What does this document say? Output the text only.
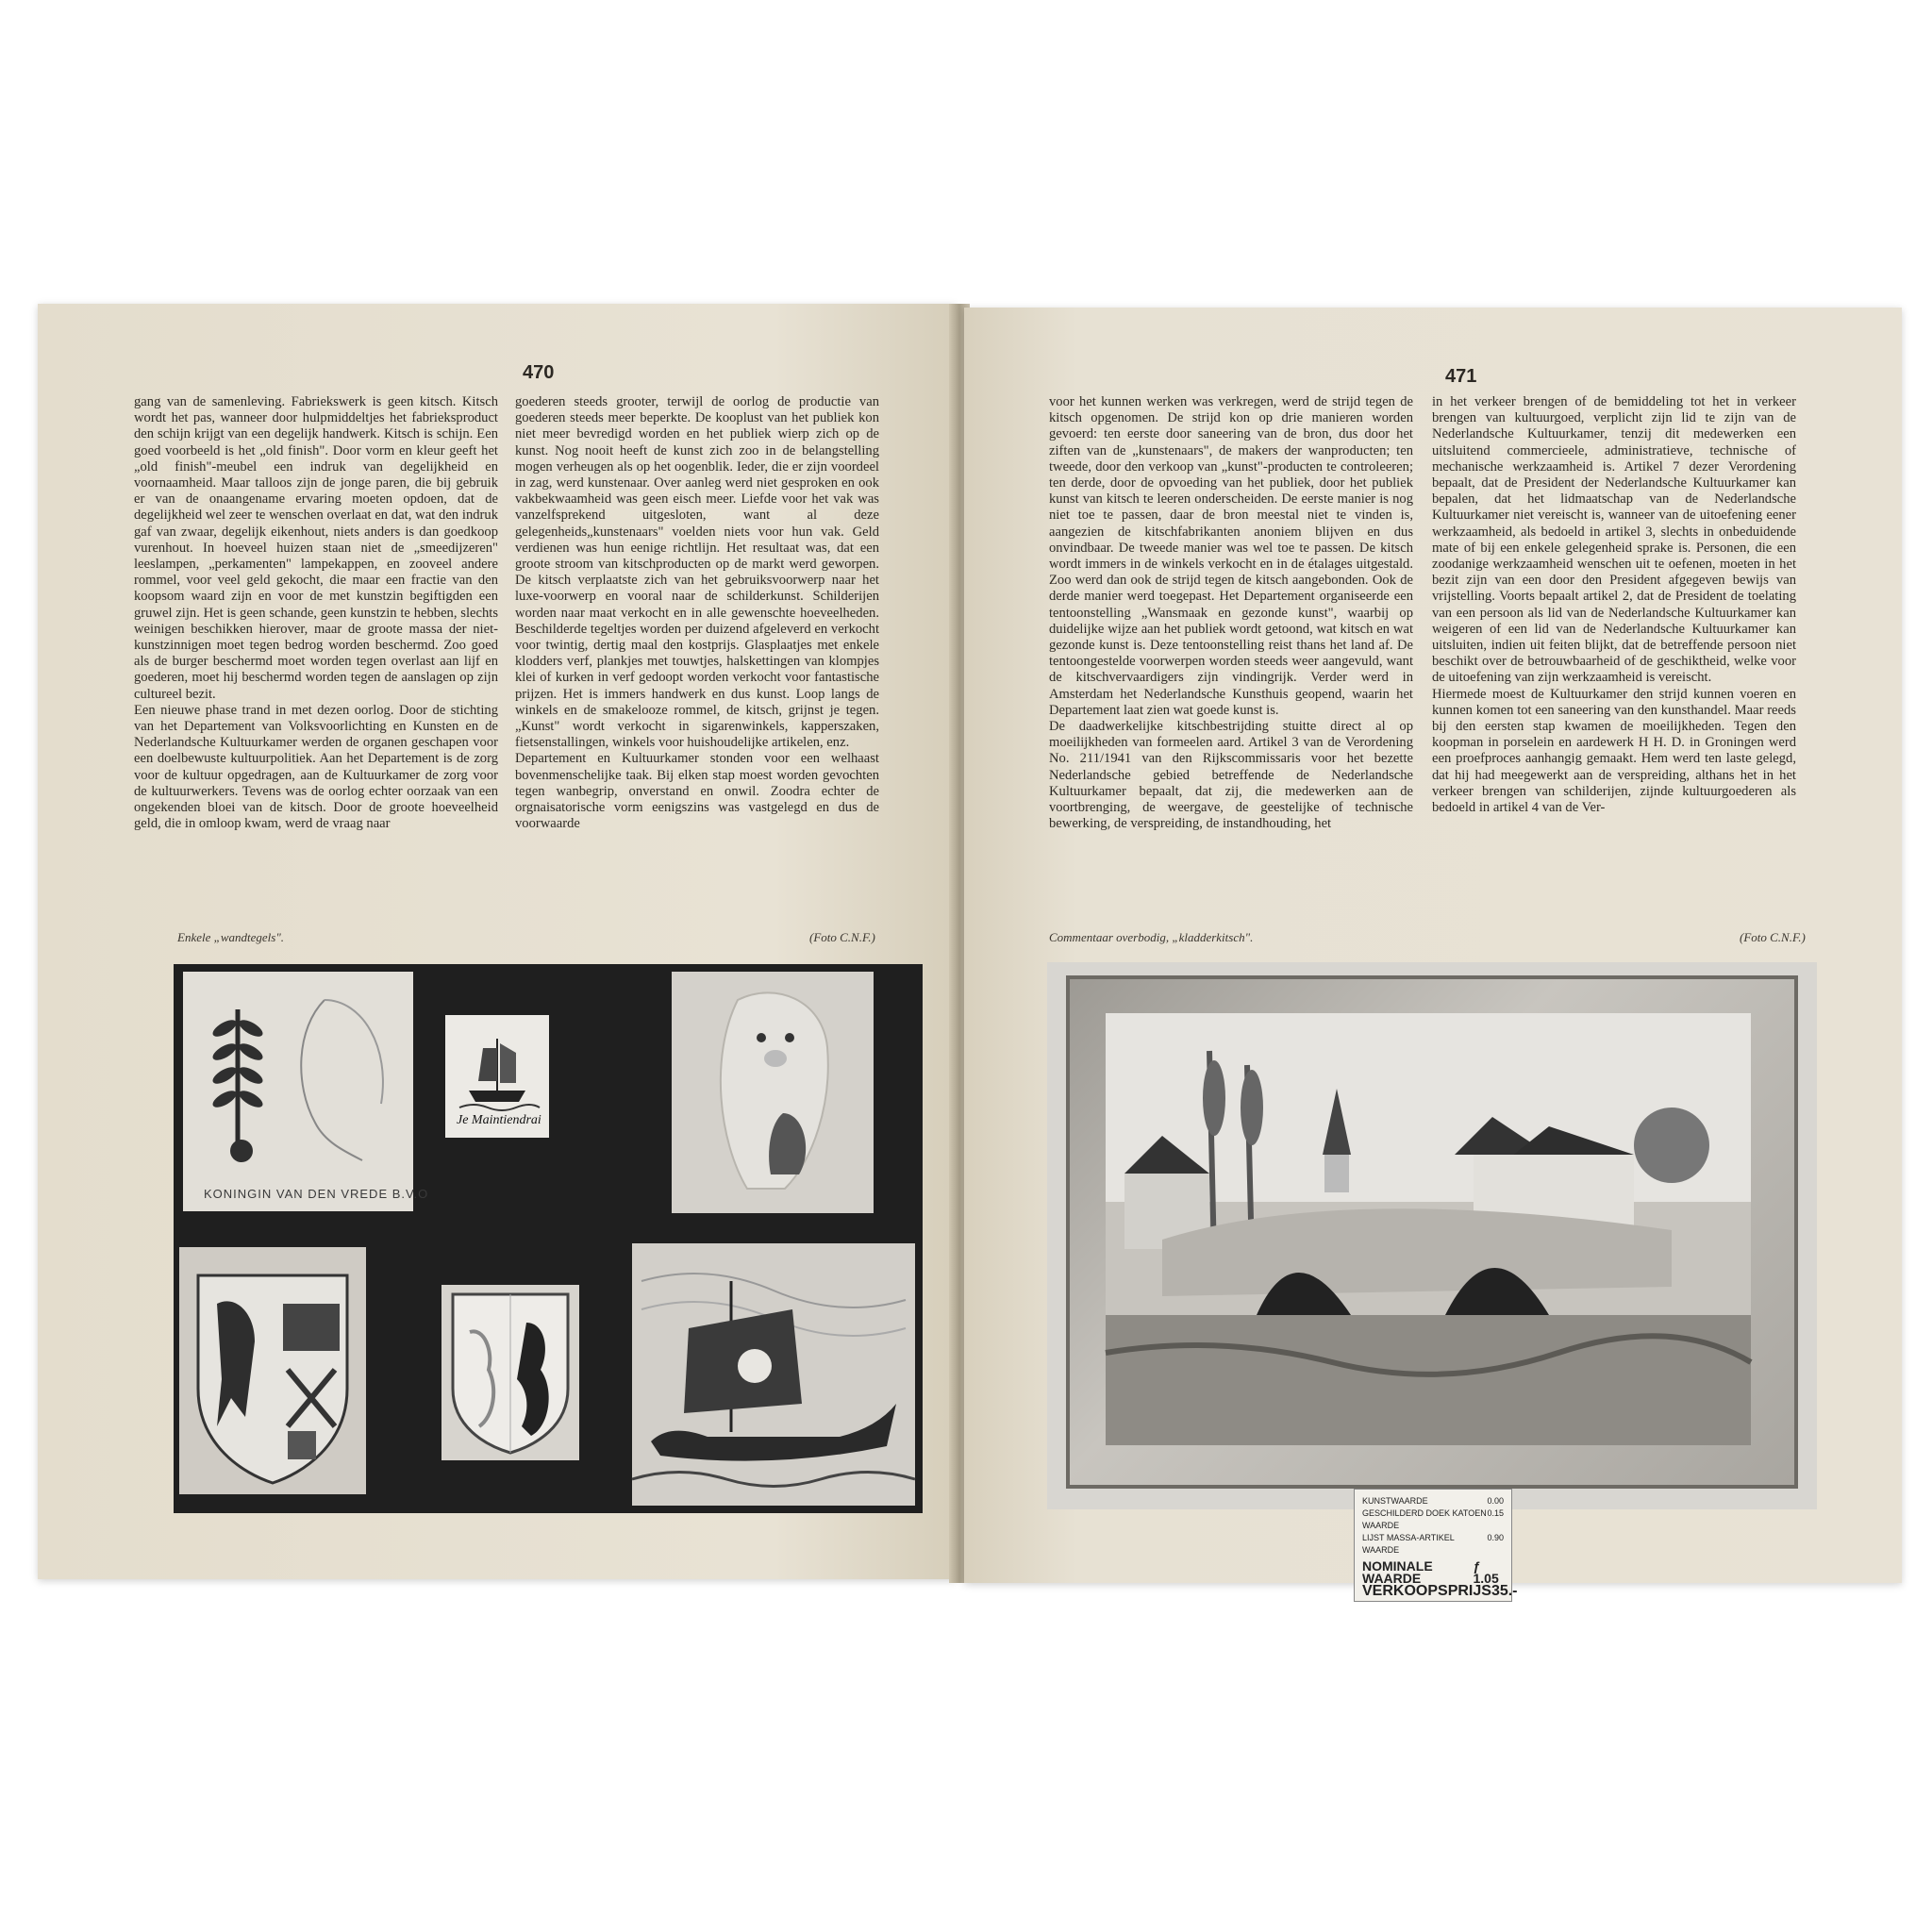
470

gang van de samenleving. Fabriekswerk is geen kitsch. Kitsch wordt het pas, wanneer door hulpmiddeltjes het fabrieksproduct den schijn krijgt van een degelijk handwerk. Kitsch is schijn. Een goed voorbeeld is het „old finish". Door vorm en kleur geeft het „old finish"-meubel een indruk van degelijkheid en voornaamheid. Maar talloos zijn de jonge paren, die bij gebruik er van de onaangename ervaring moeten opdoen, dat de degelijkheid wel zeer te wenschen overlaat en dat, wat den indruk gaf van zwaar, degelijk eikenhout, niets anders is dan goedkoop vurenhout. In hoeveel huizen staan niet de „smeedijzeren" leeslampen, „perkamenten" lampekappen, en zooveel andere rommel, voor veel geld gekocht, die maar een fractie van den koopsom waard zijn en voor de met kunstzin begiftigden een gruwel zijn. Het is geen schande, geen kunstzin te hebben, slechts weinigen beschikken hierover, maar de groote massa der niet-kunstzinnigen moet tegen bedrog worden beschermd. Zoo goed als de burger beschermd moet worden tegen overlast aan lijf en goederen, moet hij beschermd worden tegen de aanslagen op zijn cultureel bezit.

Een nieuwe phase trand in met dezen oorlog. Door de stichting van het Departement van Volksvoorlichting en Kunsten en de Nederlandsche Kultuurkamer werden de organen geschapen voor een doelbewuste kultuurpolitiek. Aan het Departement is de zorg voor de kultuur opgedragen, aan de Kultuurkamer de zorg voor de kultuurwerkers. Tevens was de oorlog echter oorzaak van een ongekenden bloei van de kitsch. Door de groote hoeveelheid geld, die in omloop kwam, werd de vraag naar

goederen steeds grooter, terwijl de oorlog de productie van goederen steeds meer beperkte. De kooplust van het publiek kon niet meer bevredigd worden en het publiek wierp zich op de kunst. Nog nooit heeft de kunst zich zoo in de belangstelling mogen verheugen als op het oogenblik. Ieder, die er zijn voordeel in zag, werd kunstenaar. Over aanleg werd niet gesproken en ook vakbekwaamheid was geen eisch meer. Liefde voor het vak was vanzelfsprekend uitgesloten, want al deze gelegenheids„kunstenaars" voelden niets voor hun vak. Geld verdienen was hun eenige richtlijn. Het resultaat was, dat een groote stroom van kitschproducten op de markt werd geworpen. De kitsch verplaatste zich van het gebruiksvoorwerp naar het luxe-voorwerp en vooral naar de schilderkunst. Schilderijen worden naar maat verkocht en in alle gewenschte hoeveelheden. Beschilderde tegeltjes worden per duizend afgeleverd en verkocht voor twintig, dertig maal den kostprijs. Glasplaatjes met enkele klodders verf, plankjes met touwtjes, halskettingen van klompjes klei of kurken in verf gedoopt worden verkocht voor fantastische prijzen. Het is immers handwerk en dus kunst. Loop langs de winkels en de smakelooze rommel, de kitsch, grijnst je tegen. „Kunst" wordt verkocht in sigarenwinkels, kapperszaken, fietsenstallingen, winkels voor huishoudelijke artikelen, enz.

Departement en Kultuurkamer stonden voor een welhaast bovenmenschelijke taak. Bij elken stap moest worden gevochten tegen wanbegrip, onverstand en onwil. Zoodra echter de orgnaisatorische vorm eenigszins was vastgelegd en dus de voorwaarde

Enkele „wandtegels".	(Foto C.N.F.)
KONINGIN VAN DEN VREDE B.V.O
Je Maintiendrai
471

voor het kunnen werken was verkregen, werd de strijd tegen de kitsch opgenomen. De strijd kon op drie manieren worden gevoerd: ten eerste door saneering van de bron, dus door het ziften van de „kunstenaars", de makers der wanproducten; ten tweede, door den verkoop van „kunst"-producten te controleeren; ten derde, door de opvoeding van het publiek, door het publiek kunst van kitsch te leeren onderscheiden. De eerste manier is nog niet toe te passen, daar de bron meestal niet te vinden is, aangezien de kitschfabrikanten anoniem blijven en dus onvindbaar. De tweede manier was wel toe te passen. De kitsch wordt immers in de winkels verkocht en in de étalages uitgestald. Zoo werd dan ook de strijd tegen de kitsch aangebonden. Ook de derde manier werd toegepast. Het Departement organiseerde een tentoonstelling „Wansmaak en gezonde kunst", waarbij op duidelijke wijze aan het publiek wordt getoond, wat kitsch en wat gezonde kunst is. Deze tentoonstelling reist thans het land af. De tentoongestelde voorwerpen worden steeds weer aangevuld, want de kitschvervaardigers zijn vindingrijk. Verder werd in Amsterdam het Nederlandsche Kunsthuis geopend, waarin het Departement laat zien wat goede kunst is.

De daadwerkelijke kitschbestrijding stuitte direct al op moeilijkheden van formeelen aard. Artikel 3 van de Verordening No. 211/1941 van den Rijkscommissaris voor het bezette Nederlandsche gebied betreffende de Nederlandsche Kultuurkamer bepaalt, dat zij, die medewerken aan de voortbrenging, de weergave, de geestelijke of technische bewerking, de verspreiding, de instandhouding, het

in het verkeer brengen of de bemiddeling tot het in verkeer brengen van kultuurgoed, verplicht zijn lid te zijn van de Nederlandsche Kultuurkamer, tenzij dit medewerken een uitsluitend commercieele, administratieve, technische of mechanische werkzaamheid is. Artikel 7 dezer Verordening bepaalt, dat de President der Nederlandsche Kultuurkamer kan bepalen, dat het lidmaatschap van de Nederlandsche Kultuurkamer niet vereischt is, wanneer van de uitoefening eener werkzaamheid, als bedoeld in artikel 3, slechts in onbeduidende mate of bij een enkele gelegenheid sprake is. Personen, die een zoodanige werkzaamheid wenschen uit te oefenen, moeten in het bezit zijn van een door den President afgegeven bewijs van vrijstelling. Voorts bepaalt artikel 2, dat de President de toelating van een persoon als lid van de Nederlandsche Kultuurkamer kan weigeren of een lid van de Nederlandsche Kultuurkamer kan uitsluiten, indien uit feiten blijkt, dat de betreffende persoon niet beschikt over de betrouwbaarheid of de geschiktheid, welke voor de uitoefening van zijn werkzaamheid is vereischt.

Hiermede moest de Kultuurkamer den strijd kunnen voeren en kunnen komen tot een saneering van den kunsthandel. Maar reeds bij den eersten stap kwamen de moeilijkheden. Tegen den koopman in porselein en aardewerk H H. D. in Groningen werd een proefproces aanhangig gemaakt. Hem werd ten laste gelegd, dat hij had meegewerkt aan de verspreiding, althans het in het verkeer brengen van schilderijen, zijnde kultuurgoederen als bedoeld in artikel 4 van de Ver-

Commentaar overbodig, „kladderkitsch".	(Foto C.N.F.)
KUNSTWAARDE	0.00
GESCHILDERD DOEK KATOEN WAARDE
0.15
LIJST MASSA-ARTIKEL WAARDE
0.90
NOMINALE WAARDE
ƒ 1.05
VERKOOPSPRIJS 35.-
